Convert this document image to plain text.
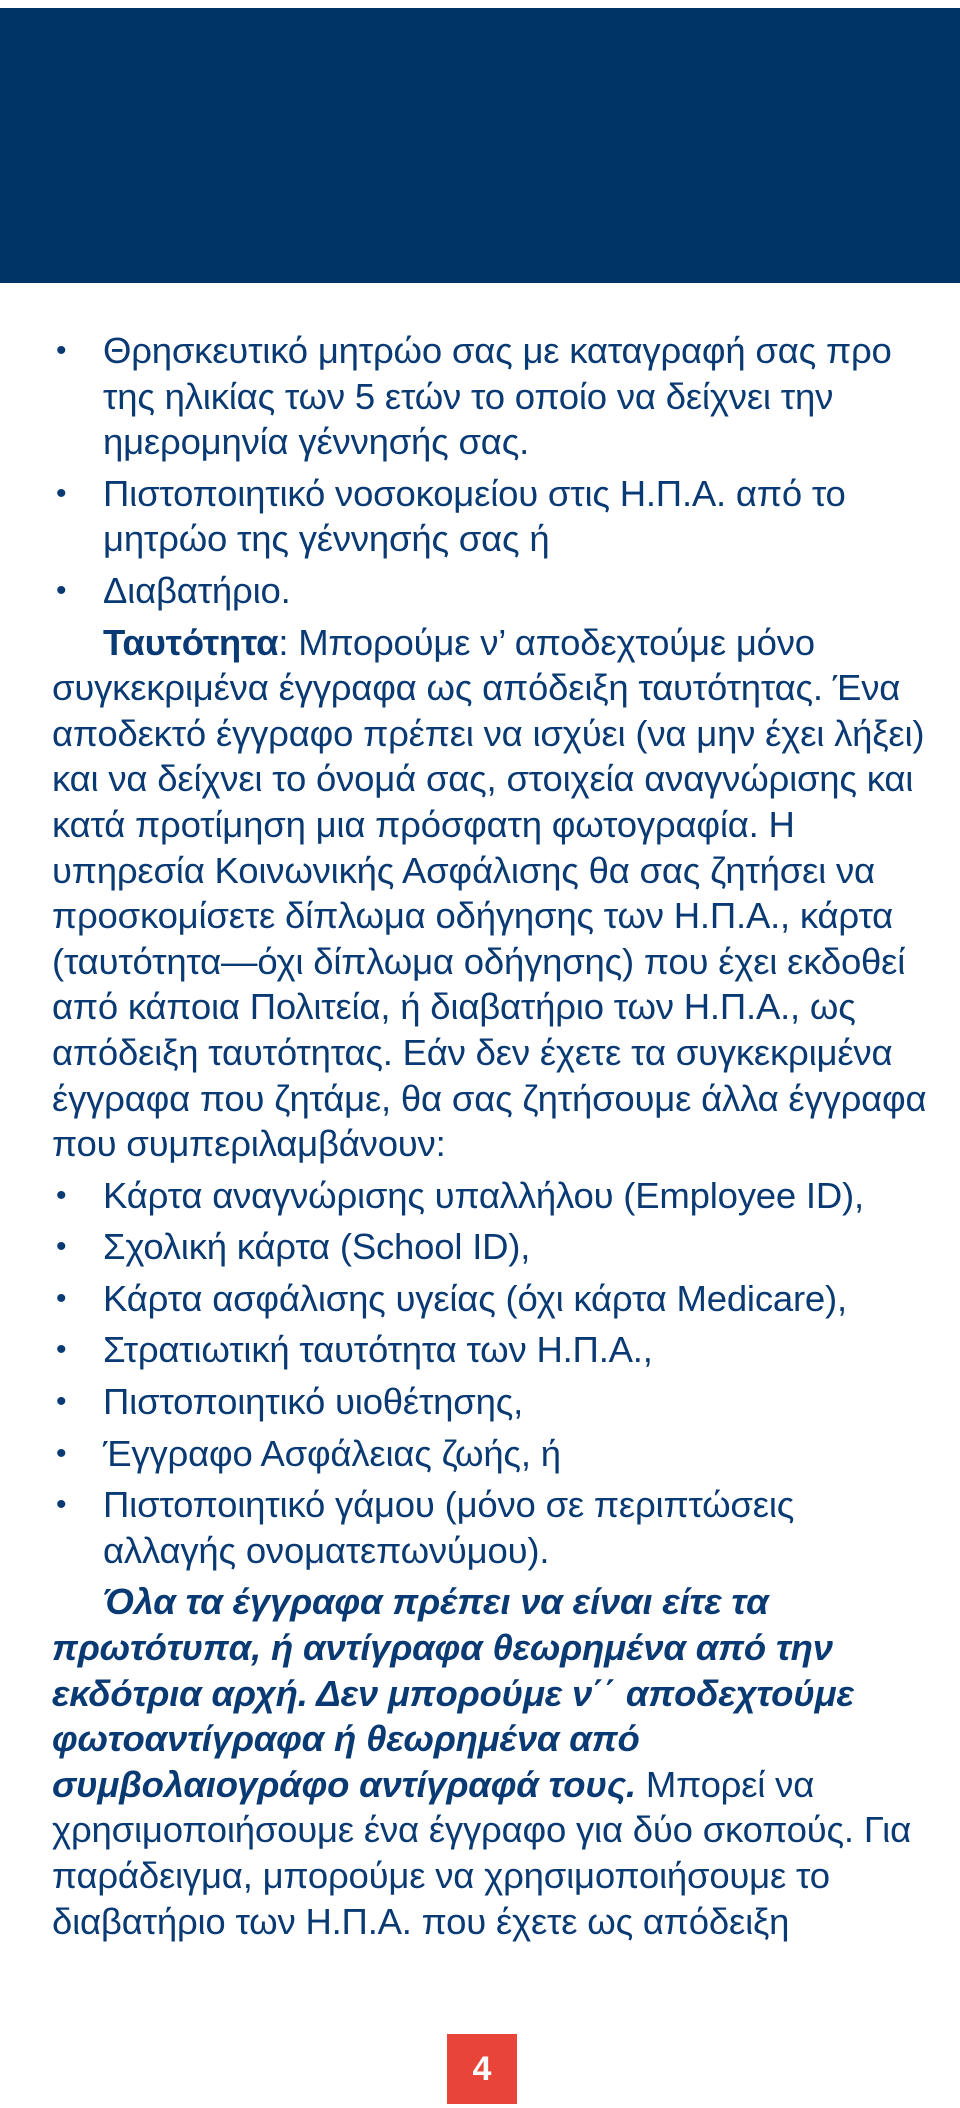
• Θρησκευτικό μητρώο σας με καταγραφή σας προ της ηλικίας των 5 ετών το οποίο να δείχνει την ημερομηνία γέννησής σας.
• Πιστοποιητικό νοσοκομείου στις Η.Π.Α. από το μητρώο της γέννησής σας ή
• Διαβατήριο.

Ταυτότητα: Μπορούμε ν’ αποδεχτούμε μόνο συγκεκριμένα έγγραφα ως απόδειξη ταυτότητας. Ένα αποδεκτό έγγραφο πρέπει να ισχύει (να μην έχει λήξει) και να δείχνει το όνομά σας, στοιχεία αναγνώρισης και κατά προτίμηση μια πρόσφατη φωτογραφία. Η υπηρεσία Κοινωνικής Ασφάλισης θα σας ζητήσει να προσκομίσετε δίπλωμα οδήγησης των Η.Π.Α., κάρτα (ταυτότητα—όχι δίπλωμα οδήγησης) που έχει εκδοθεί από κάποια Πολιτεία, ή διαβατήριο των Η.Π.Α., ως απόδειξη ταυτότητας. Εάν δεν έχετε τα συγκεκριμένα έγγραφα που ζητάμε, θα σας ζητήσουμε άλλα έγγραφα που συμπεριλαμβάνουν:

• Κάρτα αναγνώρισης υπαλλήλου (Employee ID),
• Σχολική κάρτα (School ID),
• Κάρτα ασφάλισης υγείας (όχι κάρτα Medicare),
• Στρατιωτική ταυτότητα των Η.Π.Α.,
• Πιστοποιητικό υιοθέτησης,
• Έγγραφο Ασφάλειας ζωής, ή
• Πιστοποιητικό γάμου (μόνο σε περιπτώσεις αλλαγής ονοματεπωνύμου).

Όλα τα έγγραφα πρέπει να είναι είτε τα πρωτότυπα, ή αντίγραφα θεωρημένα από την εκδότρια αρχή. Δεν μπορούμε ν΄΄ αποδεχτούμε φωτοαντίγραφα ή θεωρημένα από συμβολαιογράφο αντίγραφά τους. Μπορεί να χρησιμοποιήσουμε ένα έγγραφο για δύο σκοπούς. Για παράδειγμα, μπορούμε να χρησιμοποιήσουμε το διαβατήριο των Η.Π.Α. που έχετε ως απόδειξη

4
